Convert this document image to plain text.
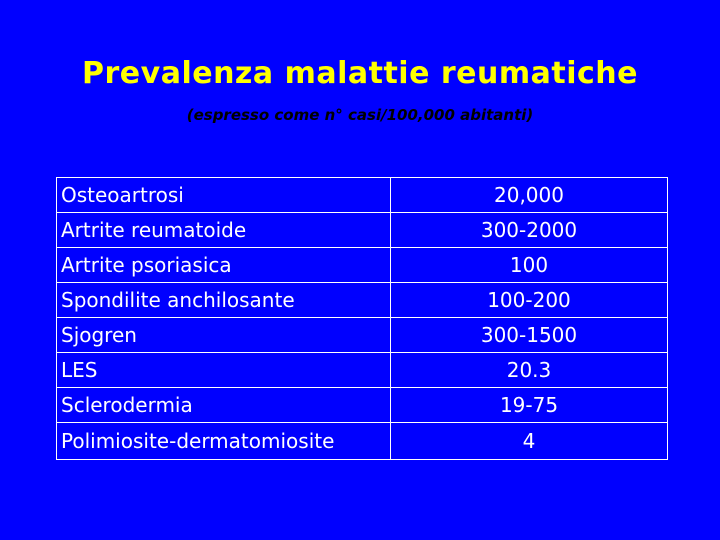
Prevalenza malattie reumatiche

(espresso come n° casi/100,000 abitanti)

Osteoartrosi	20,000
Artrite reumatoide	300-2000
Artrite psoriasica	100
Spondilite anchilosante	100-200
Sjogren	300-1500
LES	20.3
Sclerodermia	19-75
Polimiosite-dermatomiosite	4
